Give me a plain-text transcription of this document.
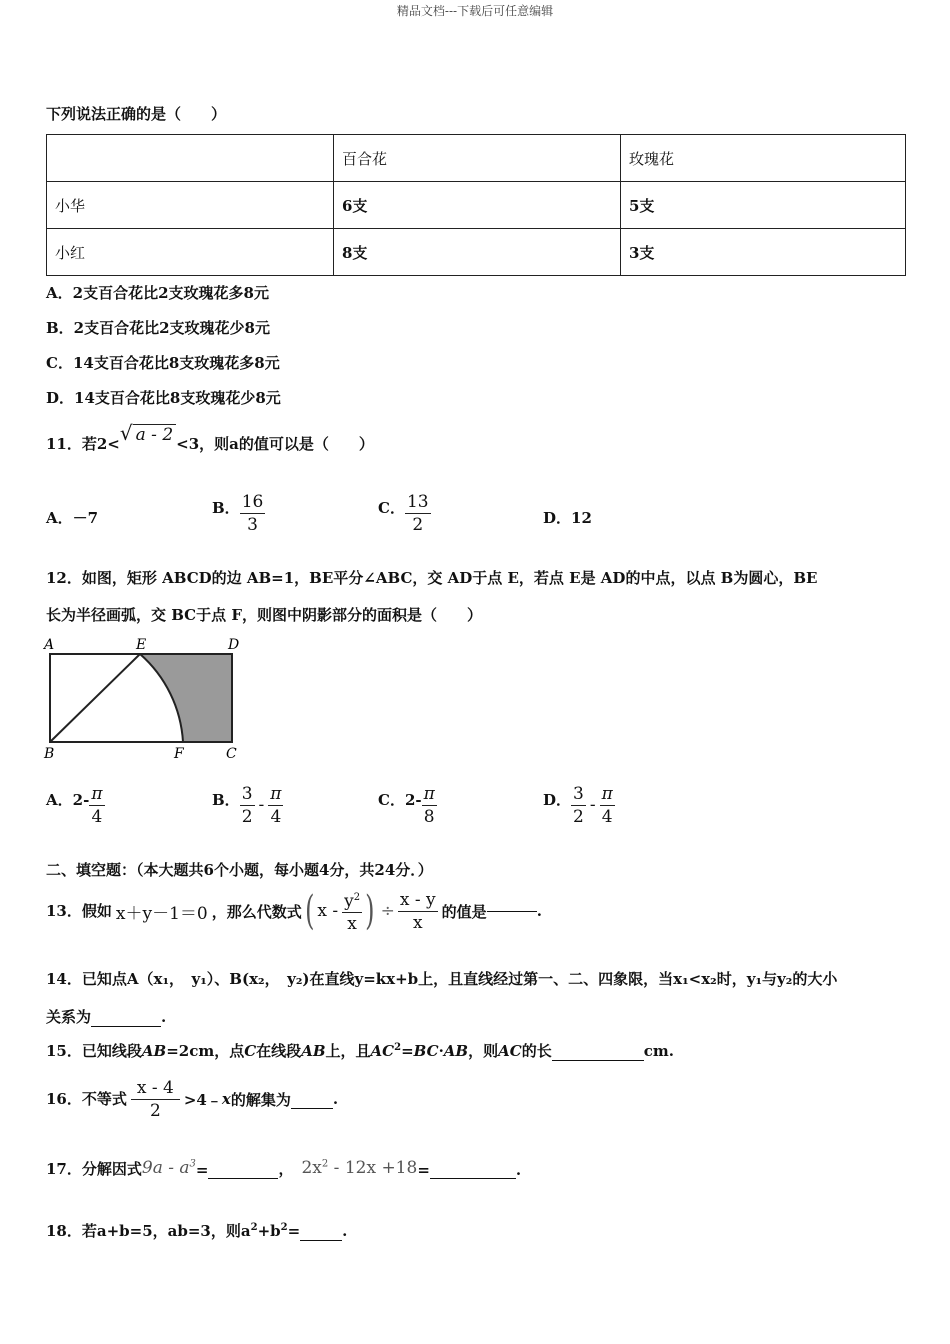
精品文档---下载后可任意编辑
下列说法正确的是（　　）
	百合花	玫瑰花
小华	6支	5支
小红	8支	3支
A．2支百合花比2支玫瑰花多8元
B．2支百合花比2支玫瑰花少8元
C．14支百合花比8支玫瑰花多8元
D．14支百合花比8支玫瑰花少8元
11．若2<√ a - 2 <3，则a的值可以是（　　）
A．－7
B． $\frac{16}{3}$	C． $\frac{13}{2}$	D．12
12．如图，矩形 ABCD的边 AB=1，BE平分∠ABC，交 AD于点 E，若点 E是 AD的中点，以点 B为圆心，BE
长为半径画弧，交 BC于点 F，则图中阴影部分的面积是（　　）
A	E	D
B	F	C
A．$2- \frac{\pi}{4}$	B． $\frac{3}{2} - \frac{\pi}{4}$	C．$2- \frac{\pi}{8}$	D． $\frac{3}{2} - \frac{\pi}{4}$
二、填空题：（本大题共6个小题，每小题4分，共24分．）
13．假如 x＋y－1＝0 ，那么代数式( x - $\frac{y^2}{x}$ ) ÷ $\frac{x - y}{x}$ 的值是	.
14．已知点A（x₁，　y₁）、B(x₂，　y₂)在直线y=kx+b上，且直线经过第一、二、四象限，当x₁<x₂时，y₁与y₂的大小
关系为	.
15．已知线段AB=2cm，点C在线段AB上，且$AC^2=BC\cdot AB$，则AC的长	cm.
16．不等式 $\frac{x - 4}{2}$ >4﹣x的解集为	.
17．分解因式$9a - a^3=$	， $2x^2 - 12x +18=$	.
18．若a+b=5，ab=3，则$a^2+b^2=$	.
